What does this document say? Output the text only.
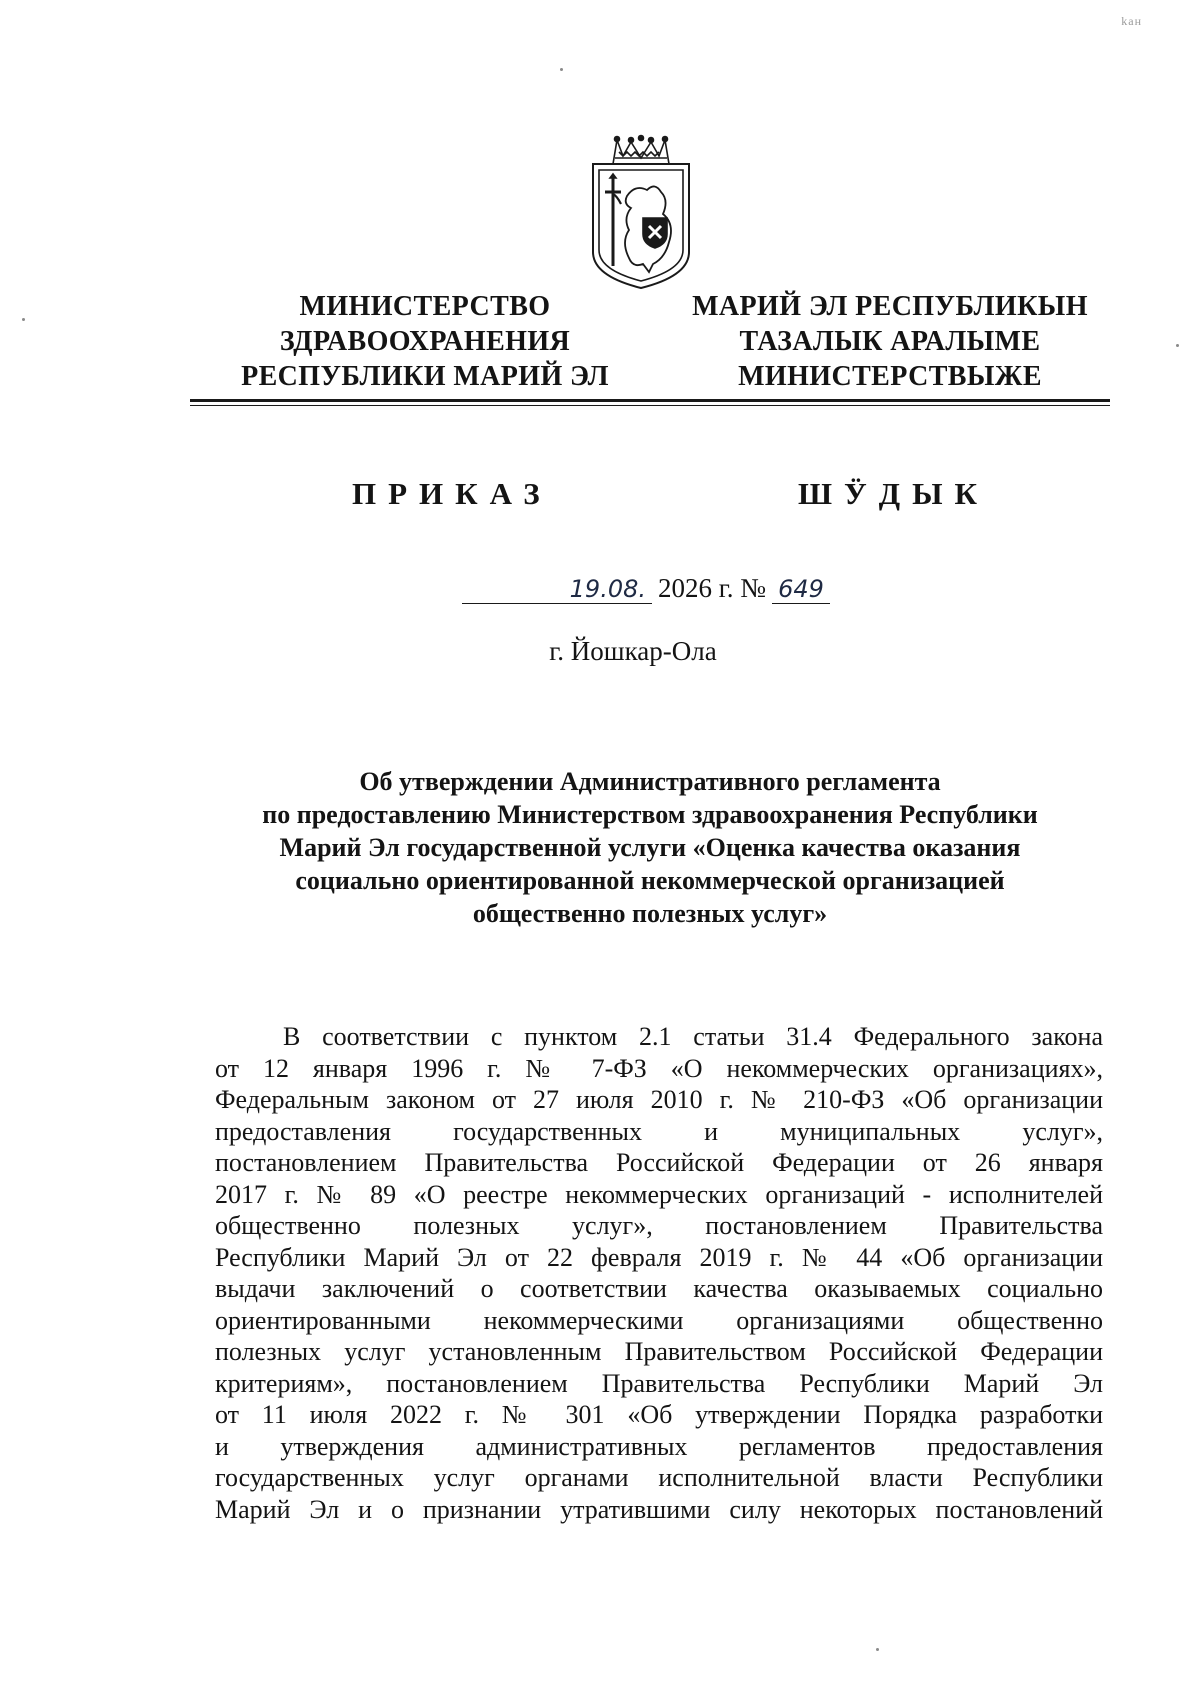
kaн
МИНИСТЕРСТВО
ЗДРАВООХРАНЕНИЯ
РЕСПУБЛИКИ МАРИЙ ЭЛ
МАРИЙ ЭЛ РЕСПУБЛИКЫН
ТАЗАЛЫК АРАЛЫМЕ
МИНИСТЕРСТВЫЖЕ
ПРИКАЗ	ШӰДЫК
19.08. 2026 г. № 649
г. Йошкар-Ола
Об утверждении Административного регламента
по предоставлению Министерством здравоохранения Республики
Марий Эл государственной услуги «Оценка качества оказания
социально ориентированной некоммерческой организацией
общественно полезных услуг»
В соответствии с пунктом 2.1 статьи 31.4 Федерального закона
от 12 января 1996 г. № 7-ФЗ «О некоммерческих организациях»,
Федеральным законом от 27 июля 2010 г. № 210-ФЗ «Об организации
предоставления государственных и муниципальных услуг»,
постановлением Правительства Российской Федерации от 26 января
2017 г. № 89 «О реестре некоммерческих организаций - исполнителей
общественно полезных услуг», постановлением Правительства
Республики Марий Эл от 22 февраля 2019 г. № 44 «Об организации
выдачи заключений о соответствии качества оказываемых социально
ориентированными некоммерческими организациями общественно
полезных услуг установленным Правительством Российской Федерации
критериям», постановлением Правительства Республики Марий Эл
от 11 июля 2022 г. № 301 «Об утверждении Порядка разработки
и утверждения административных регламентов предоставления
государственных услуг органами исполнительной власти Республики
Марий Эл и о признании утратившими силу некоторых постановлений
